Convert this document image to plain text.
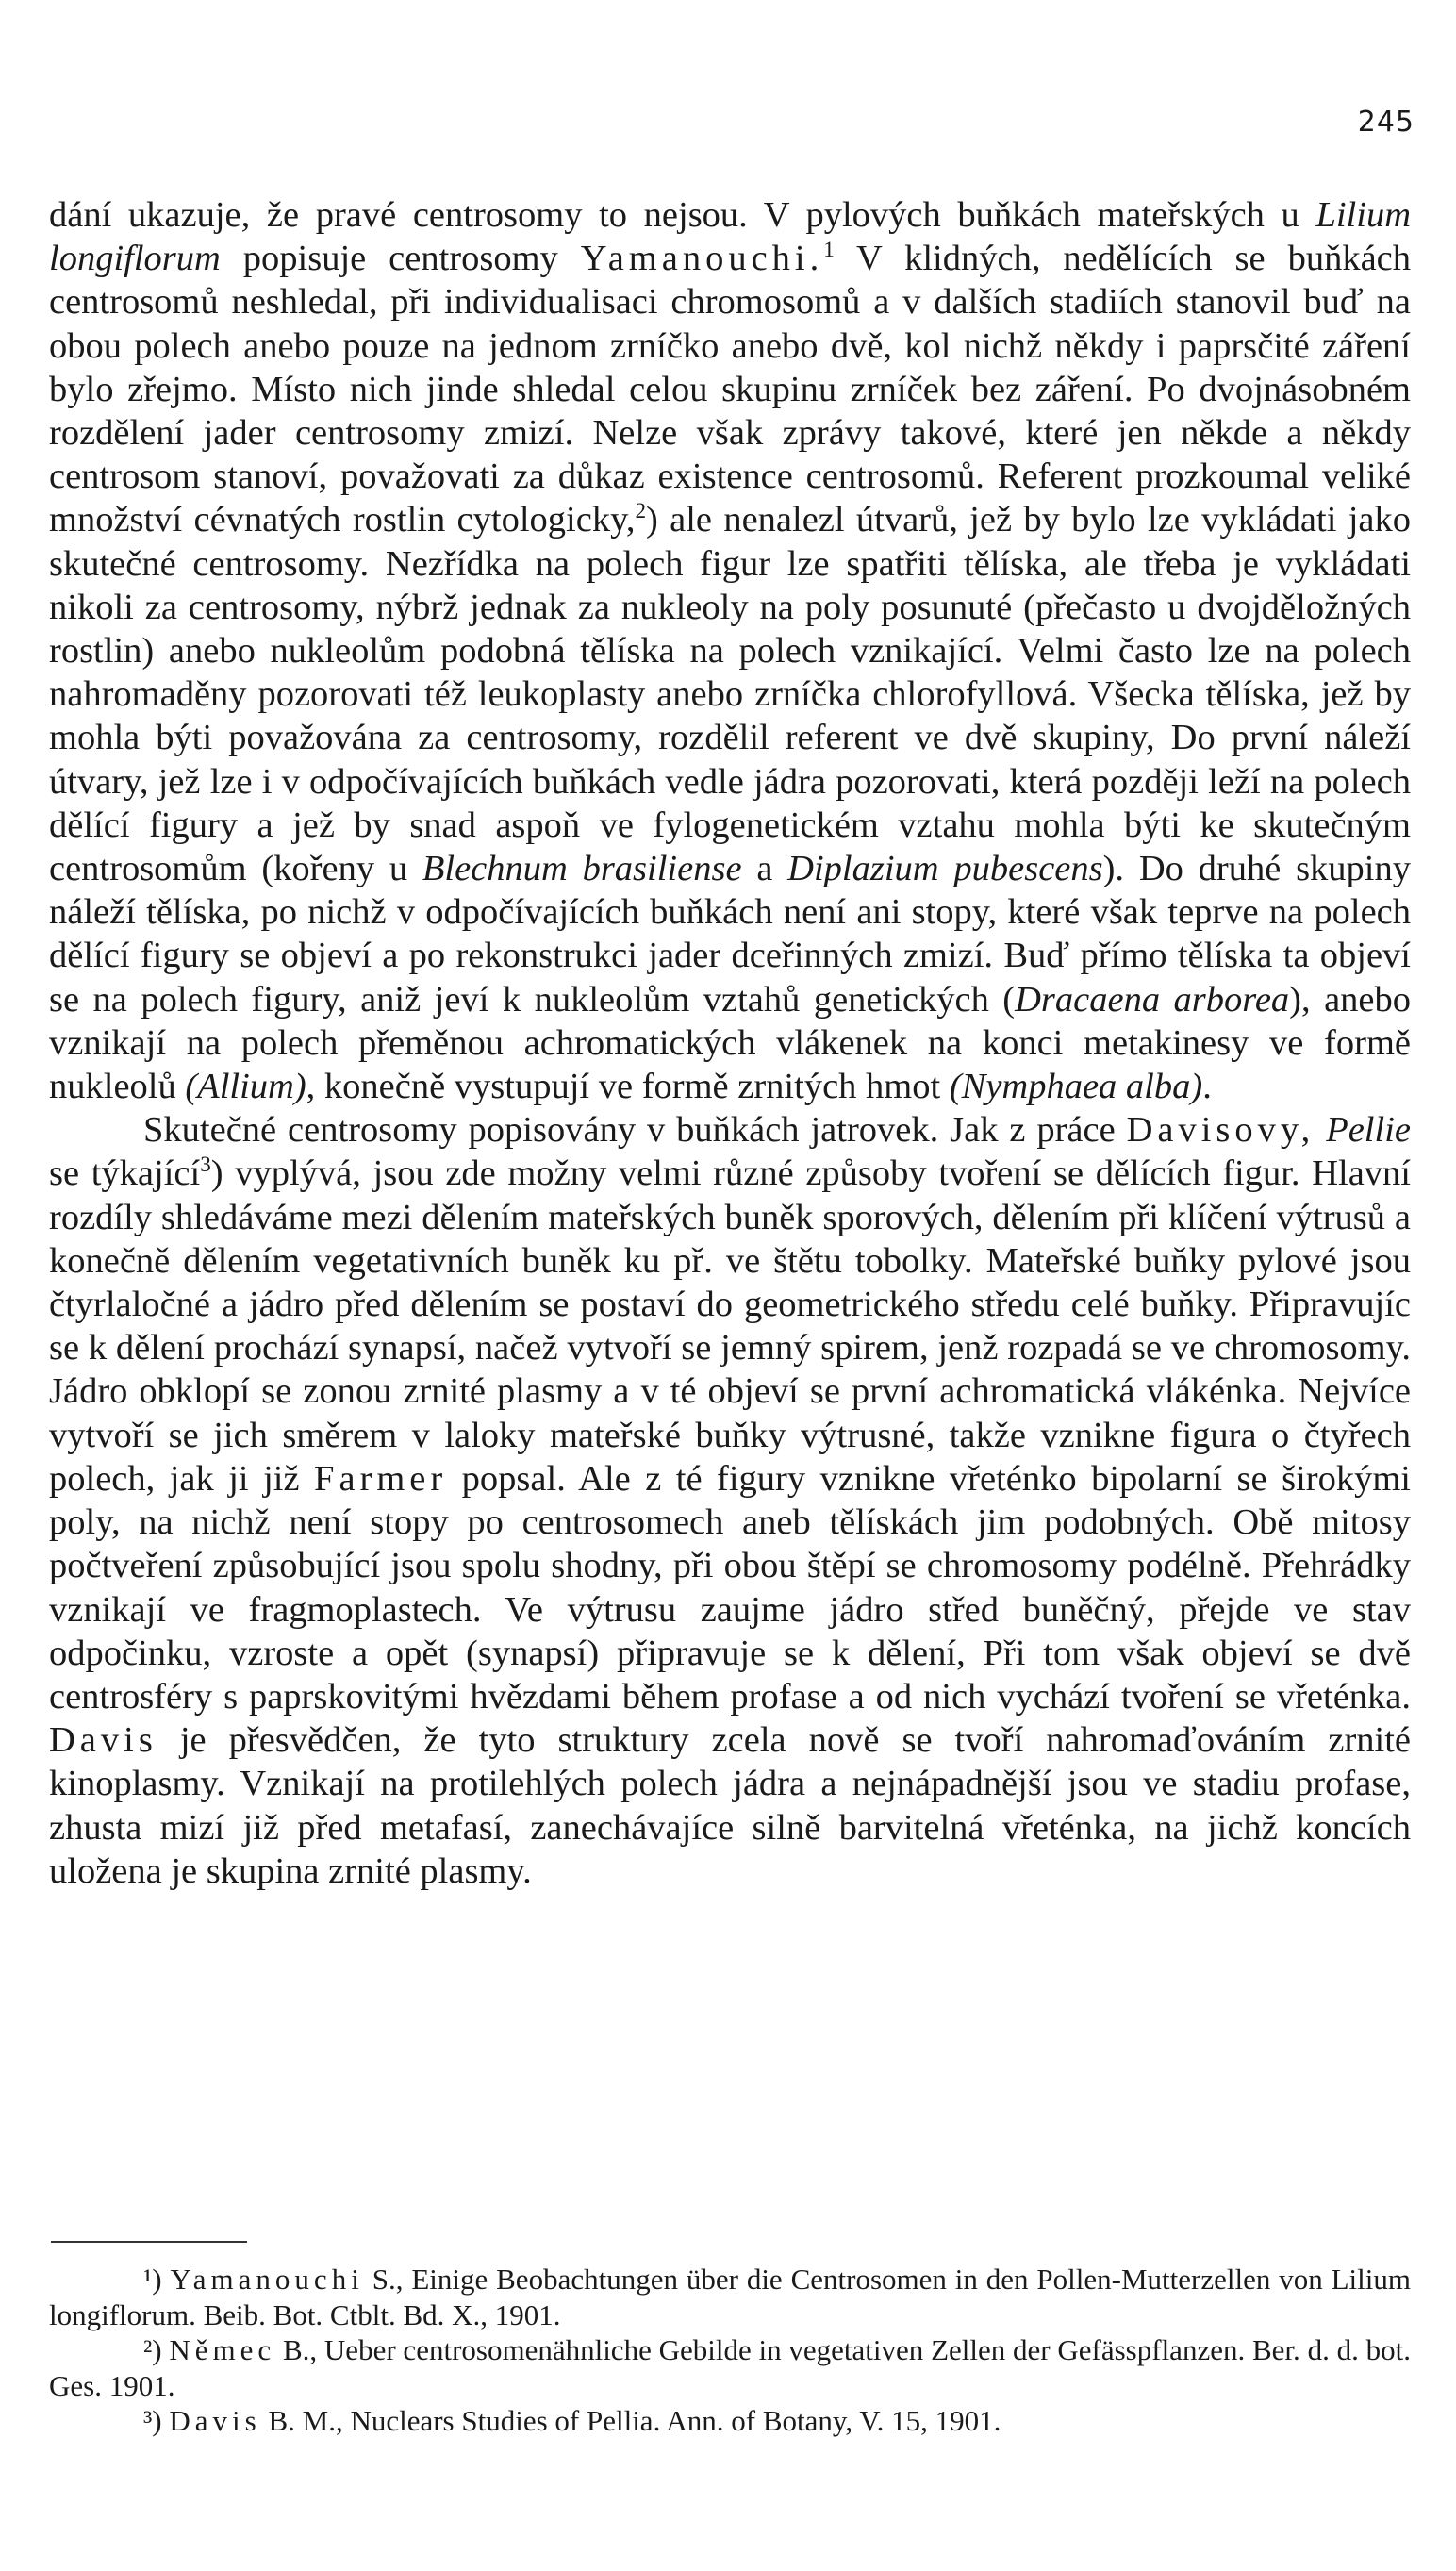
245

dání ukazuje, že pravé centrosomy to nejsou. V pylových buňkách mateřských u Lilium longiflorum popisuje centrosomy Yamanouchi.$^1$ V klidných, nedělících se buňkách centrosomů neshledal, při individualisaci chromosomů a v dalších stadiích stanovil buď na obou polech anebo pouze na jednom zrníčko anebo dvě, kol nichž někdy i paprsčité záření bylo zřejmo. Místo nich jinde shledal celou skupinu zrníček bez záření. Po dvojnásobném rozdělení jader centrosomy zmizí. Nelze však zprávy takové, které jen někde a někdy centrosom stanoví, považovati za důkaz existence centrosomů. Referent prozkoumal veliké množství cévnatých rostlin cytologicky,$^2$) ale nenalezl útvarů, jež by bylo lze vykládati jako skutečné centrosomy. Nezřídka na polech figur lze spatřiti tělíska, ale třeba je vykládati nikoli za centrosomy, nýbrž jednak za nukleoly na poly posunuté (přečasto u dvojděložných rostlin) anebo nukleolům podobná tělíska na polech vznikající. Velmi často lze na polech nahromaděny pozorovati též leukoplasty anebo zrníčka chlorofyllová. Všecka tělíska, jež by mohla býti považována za centrosomy, rozdělil referent ve dvě skupiny, Do první náleží útvary, jež lze i v odpočívajících buňkách vedle jádra pozorovati, která později leží na polech dělící figury a jež by snad aspoň ve fylogenetickém vztahu mohla býti ke skutečným centrosomům (kořeny u Blechnum brasiliense a Diplazium pubescens). Do druhé skupiny náleží tělíska, po nichž v odpočívajících buňkách není ani stopy, které však teprve na polech dělící figury se objeví a po rekonstrukci jader dceřinných zmizí. Buď přímo tělíska ta objeví se na polech figury, aniž jeví k nukleolům vztahů genetických (Dracaena arborea), anebo vznikají na polech přeměnou achromatických vlákenek na konci metakinesy ve formě nukleolů (Allium), konečně vystupují ve formě zrnitých hmot (Nymphaea alba).

Skutečné centrosomy popisovány v buňkách jatrovek. Jak z práce Davisovy, Pellie se týkající$^3$) vyplývá, jsou zde možny velmi různé způsoby tvoření se dělících figur. Hlavní rozdíly shledáváme mezi dělením mateřských buněk sporových, dělením při klíčení výtrusů a konečně dělením vegetativních buněk ku př. ve štětu tobolky. Mateřské buňky pylové jsou čtyrlaločné a jádro před dělením se postaví do geometrického středu celé buňky. Připravujíc se k dělení prochází synapsí, načež vytvoří se jemný spirem, jenž rozpadá se ve chromosomy. Jádro obklopí se zonou zrnité plasmy a v té objeví se první achromatická vlákénka. Nejvíce vytvoří se jich směrem v laloky mateřské buňky výtrusné, takže vznikne figura o čtyřech polech, jak ji již Farmer popsal. Ale z té figury vznikne vřeténko bipolarní se širokými poly, na nichž není stopy po centrosomech aneb tělískách jim podobných. Obě mitosy počtveření způsobující jsou spolu shodny, při obou štěpí se chromosomy podélně. Přehrádky vznikají ve fragmoplastech. Ve výtrusu zaujme jádro střed buněčný, přejde ve stav odpočinku, vzroste a opět (synapsí) připravuje se k dělení, Při tom však objeví se dvě centrosféry s paprskovitými hvězdami během profase a od nich vychází tvoření se vřeténka. Davis je přesvědčen, že tyto struktury zcela nově se tvoří nahromaďováním zrnité kinoplasmy. Vznikají na protilehlých polech jádra a nejnápadnější jsou ve stadiu profase, zhusta mizí již před metafasí, zanechávajíce silně barvitelná vřeténka, na jichž koncích uložena je skupina zrnité plasmy.

¹) Yamanouchi S., Einige Beobachtungen über die Centrosomen in den Pollen-Mutterzellen von Lilium longiflorum. Beib. Bot. Ctblt. Bd. X., 1901.

²) Němec B., Ueber centrosomenähnliche Gebilde in vegetativen Zellen der Gefässpflanzen. Ber. d. d. bot. Ges. 1901.

³) Davis B. M., Nuclears Studies of Pellia. Ann. of Botany, V. 15, 1901.
